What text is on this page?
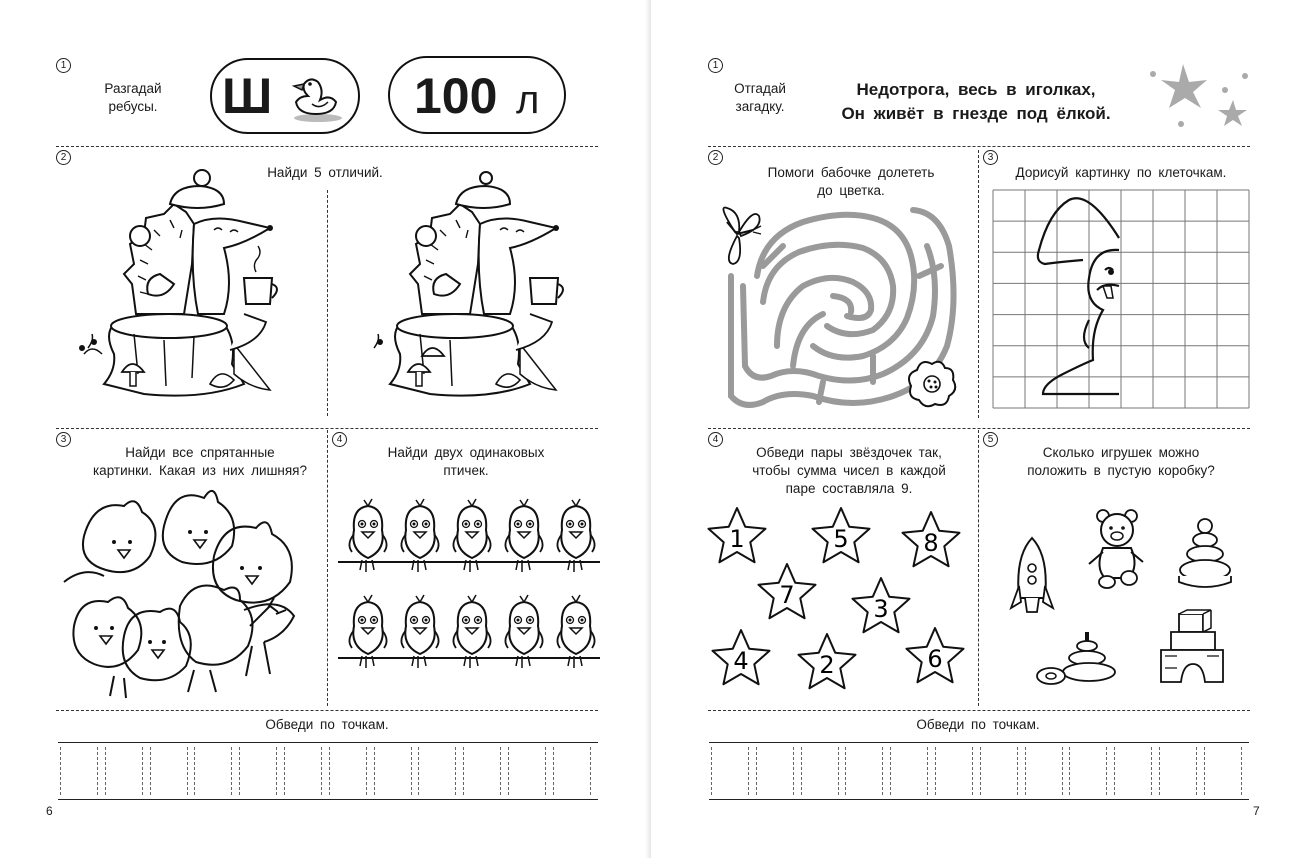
1
Разгадай ребусы.	Ш	100 л
2
Найди 5 отличий.
3
Найди все спрятанные
картинки. Какая из них лишняя?
4
Найди двух одинаковых
птичек.
Обведи по точкам.
6
1
Отгадай
загадку.
Недотрога, весь в иголках,
Он живёт в гнезде под ёлкой.
2
Помоги бабочке долететь
до цветка.
3
Дорисуй картинку по клеточкам.
4
Обведи пары звёздочек так,
чтобы сумма чисел в каждой
паре составляла 9.
1	5	8
7	3
4	2	6
5
Сколько игрушек можно
положить в пустую коробку?
Обведи по точкам.
7
